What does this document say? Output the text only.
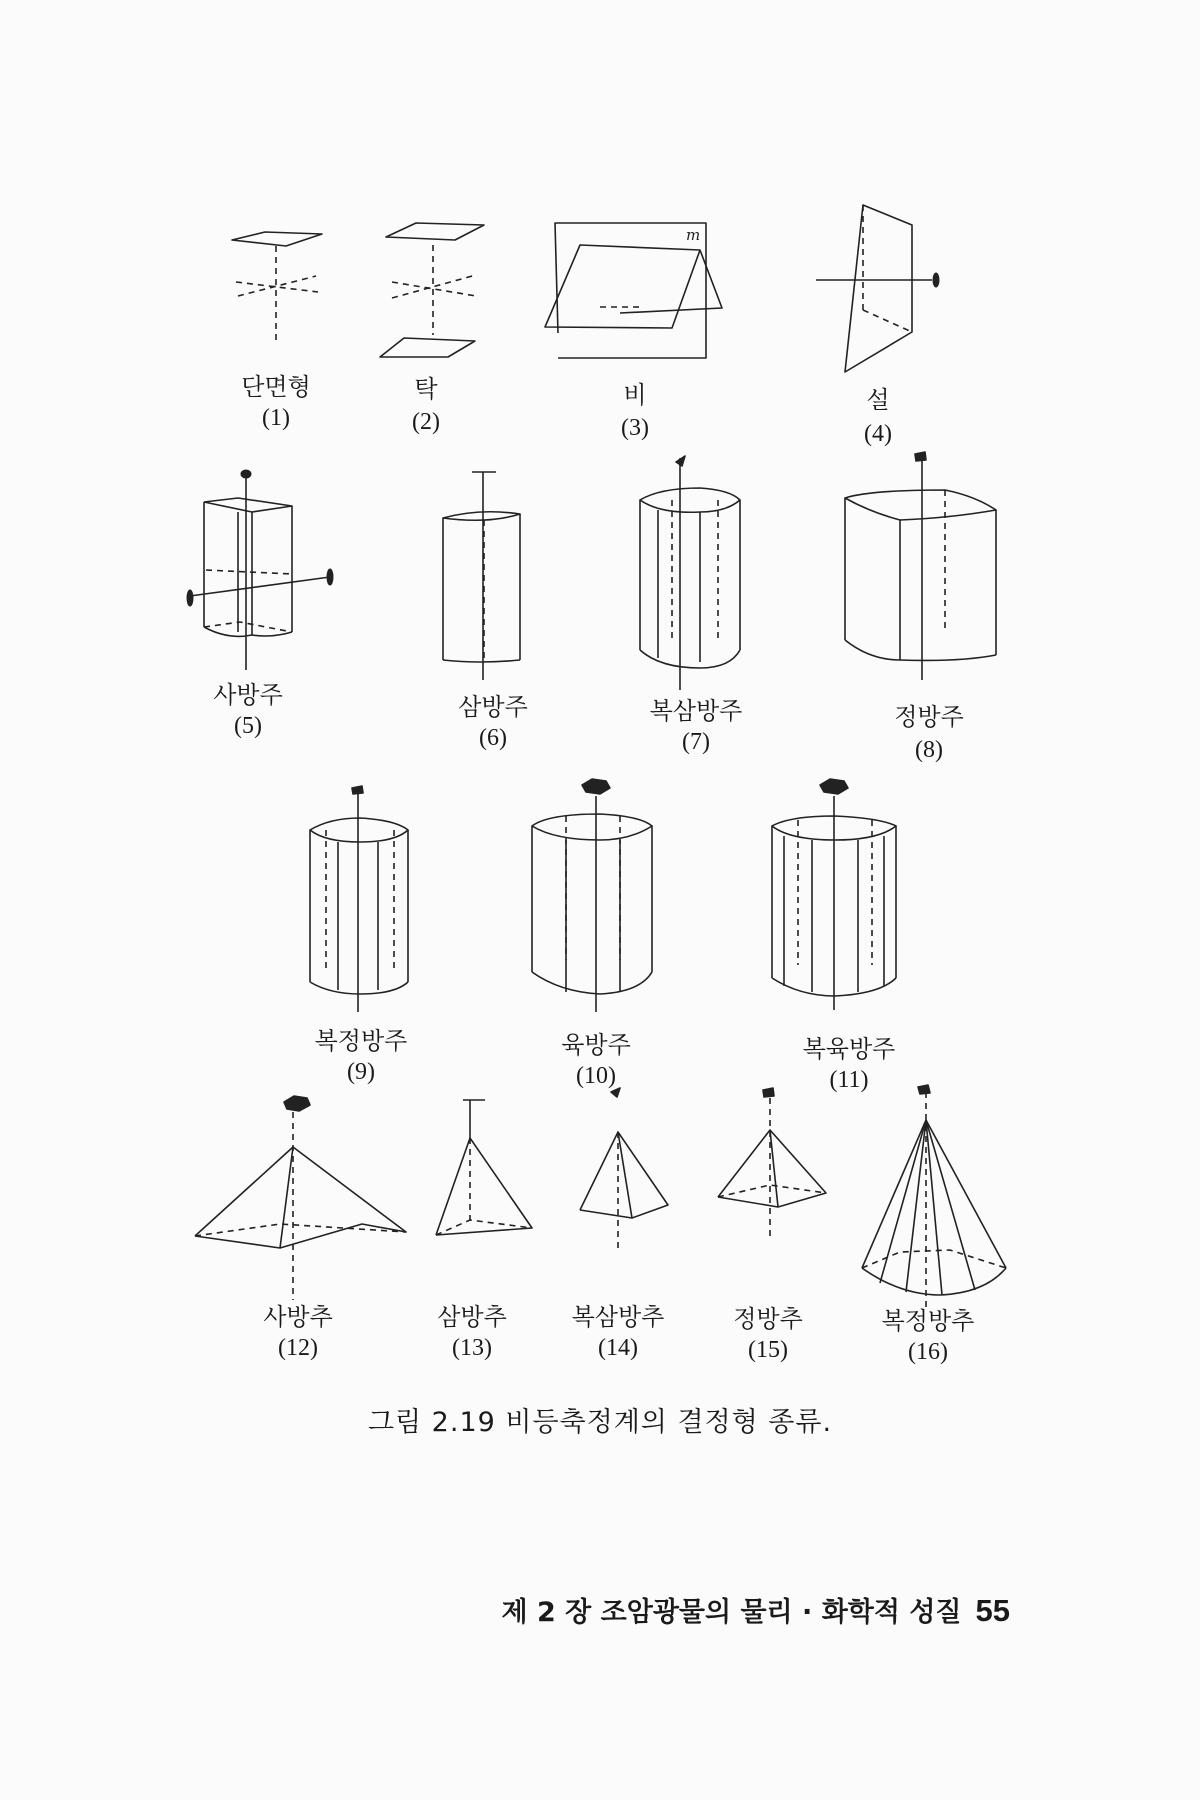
m
단면형
(1)
탁
(2)
비
(3)
설
(4)
사방주
(5)
삼방주
(6)
복삼방주
(7)
정방주
(8)
복정방주
(9)
육방주
(10)
복육방주
(11)
사방추
(12)
삼방추
(13)
복삼방추
(14)
정방추
(15)
복정방추
(16)
그림 2.19 비등축정계의 결정형 종류.
제 2 장 조암광물의 물리 · 화학적 성질 55
